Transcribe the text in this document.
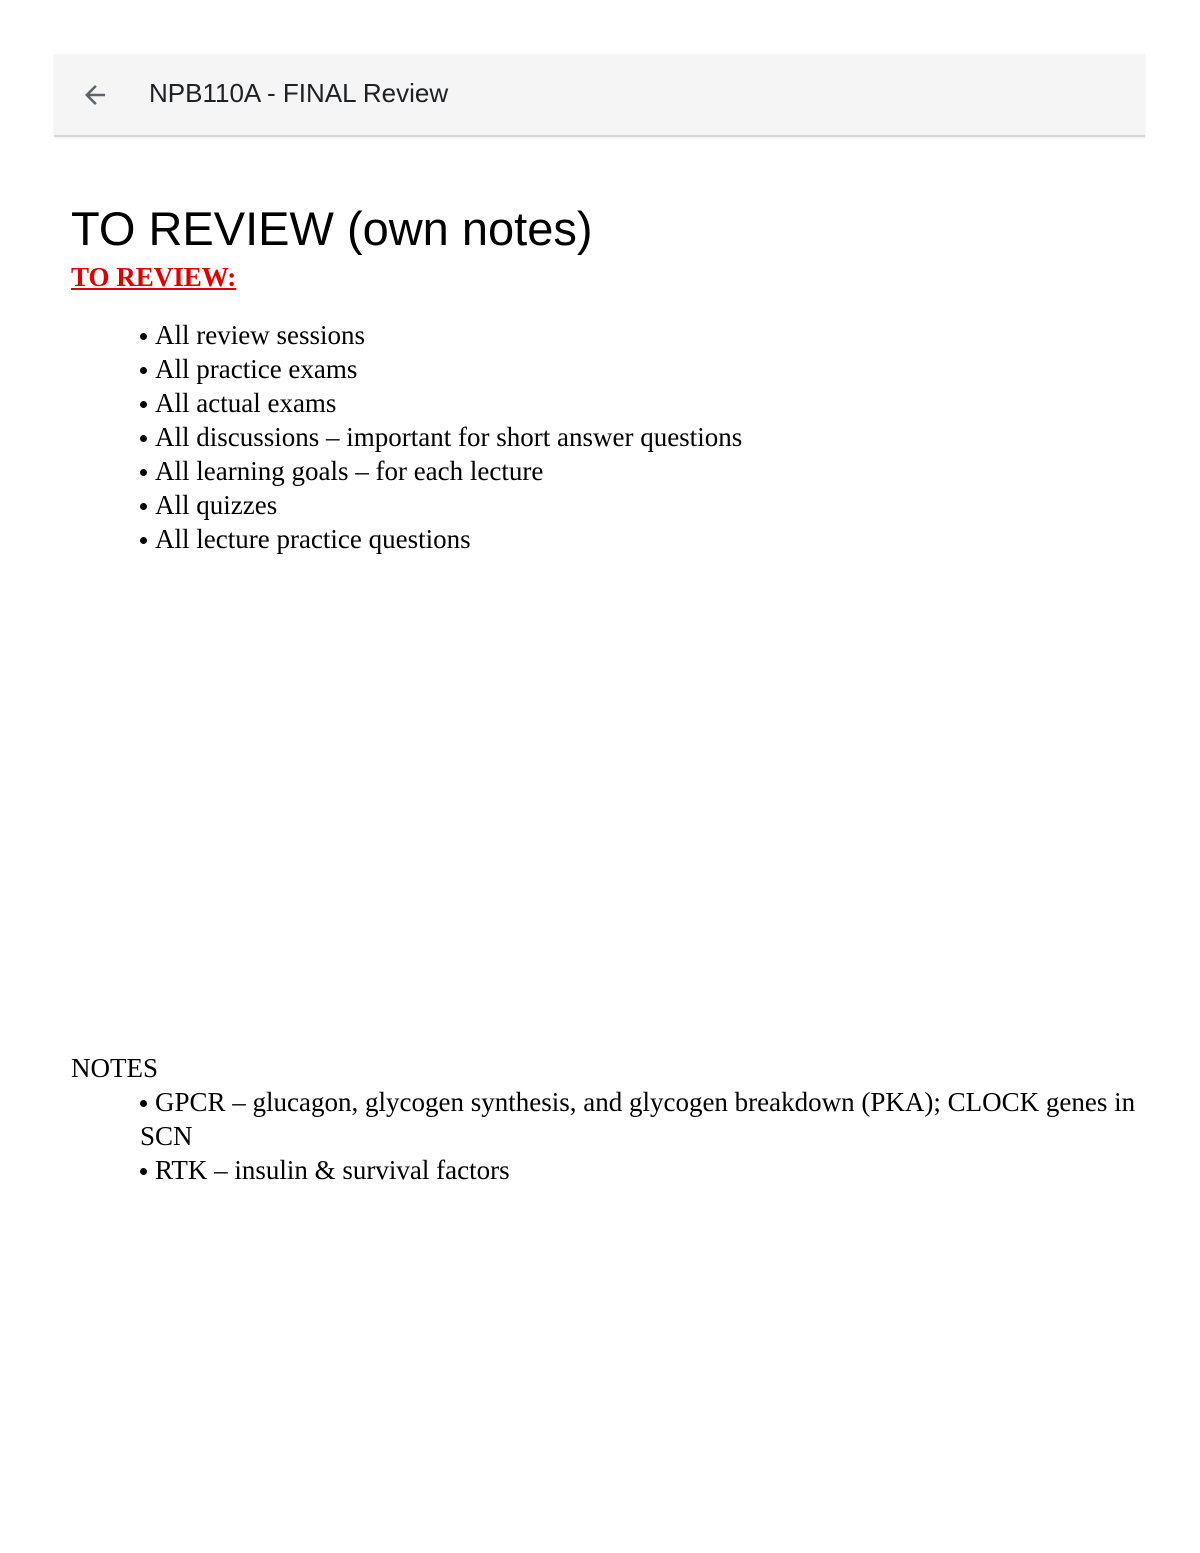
NPB110A - FINAL Review
TO REVIEW (own notes)
TO REVIEW:
All review sessions
All practice exams
All actual exams
All discussions – important for short answer questions
All learning goals – for each lecture
All quizzes
All lecture practice questions
NOTES
GPCR – glucagon, glycogen synthesis, and glycogen breakdown (PKA); CLOCK genes in SCN
RTK – insulin & survival factors
